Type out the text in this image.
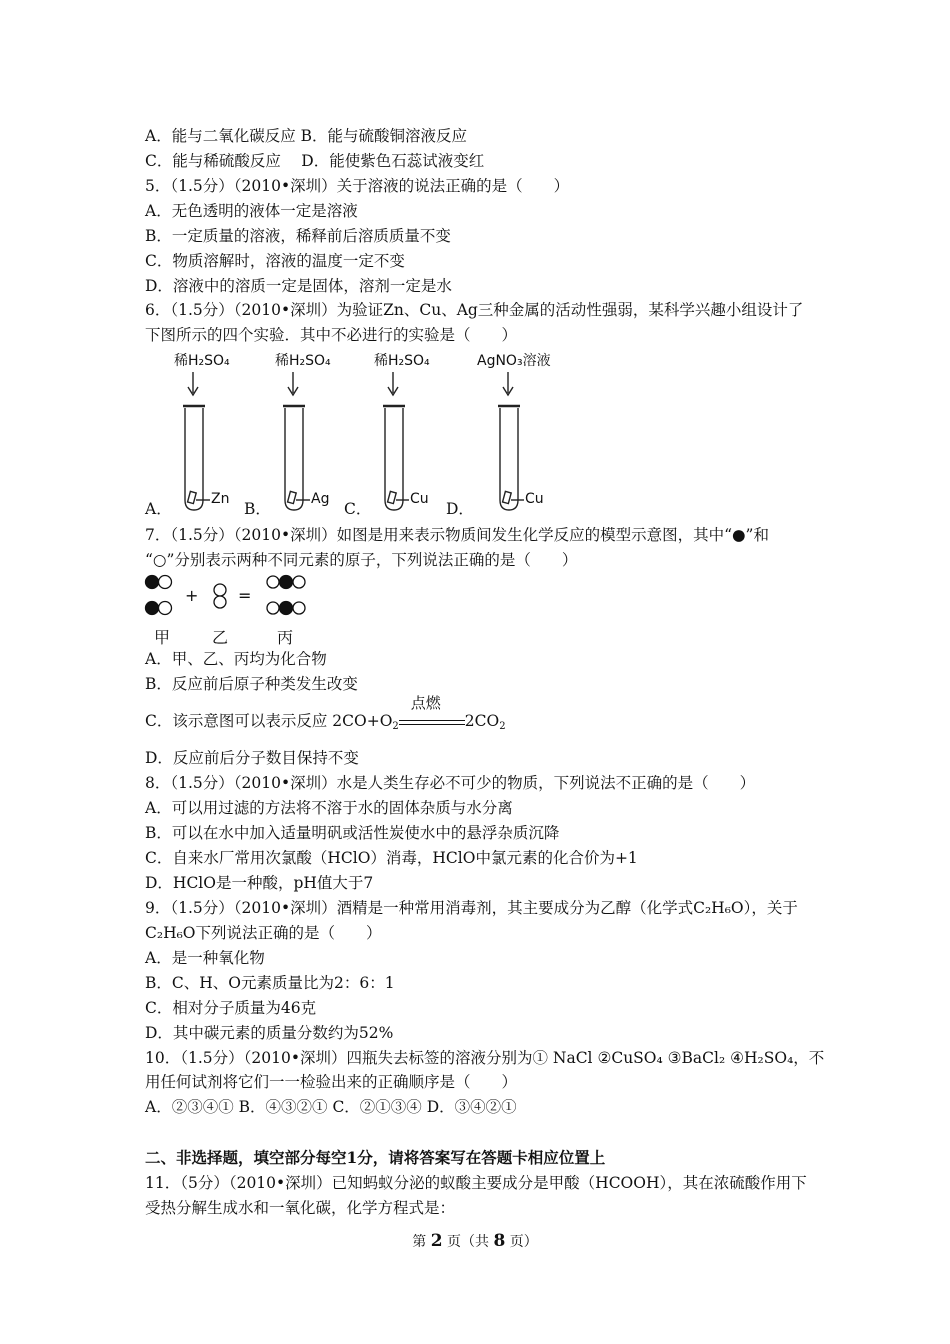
A．能与二氧化碳反应 B．能与硫酸铜溶液反应
C．能与稀硫酸反应　 D．能使紫色石蕊试液变红
5．（1.5分）（2010•深圳）关于溶液的说法正确的是（　　）
A．无色透明的液体一定是溶液
B．一定质量的溶液，稀释前后溶质质量不变
C．物质溶解时，溶液的温度一定不变
D．溶液中的溶质一定是固体，溶剂一定是水
6．（1.5分）（2010•深圳）为验证Zn、Cu、Ag三种金属的活动性强弱，某科学兴趣小组设计了
下图所示的四个实验．其中不必进行的实验是（　　）
稀H₂SO₄
Zn
A．
稀H₂SO₄
Ag
B．
稀H₂SO₄
Cu
C．
AgNO₃溶液
Cu
D．
7．（1.5分）（2010•深圳）如图是用来表示物质间发生化学反应的模型示意图，其中“●”和
“○”分别表示两种不同元素的原子，下列说法正确的是（　　）
+ =
甲	乙	丙
A．甲、乙、丙均为化合物
B．反应前后原子种类发生改变
C．该示意图可以表示反应 $2CO+O_2$
点燃
$2CO_2$
D．反应前后分子数目保持不变
8．（1.5分）（2010•深圳）水是人类生存必不可少的物质，下列说法不正确的是（　　）
A．可以用过滤的方法将不溶于水的固体杂质与水分离
B．可以在水中加入适量明矾或活性炭使水中的悬浮杂质沉降
C．自来水厂常用次氯酸（HClO）消毒，HClO中氯元素的化合价为+1
D．HClO是一种酸，pH值大于7
9．（1.5分）（2010•深圳）酒精是一种常用消毒剂，其主要成分为乙醇（化学式C₂H₆O），关于
C₂H₆O下列说法正确的是（　　）
A．是一种氧化物
B．C、H、O元素质量比为2：6：1
C．相对分子质量为46克
D．其中碳元素的质量分数约为52%
10．（1.5分）（2010•深圳）四瓶失去标签的溶液分别为① NaCl ②CuSO₄ ③BaCl₂ ④H₂SO₄，不
用任何试剂将它们一一检验出来的正确顺序是（　　）
A．②③④① B．④③②① C．②①③④ D．③④②①
二、非选择题，填空部分每空1分，请将答案写在答题卡相应位置上
11．（5分）（2010•深圳）已知蚂蚁分泌的蚁酸主要成分是甲酸（HCOOH），其在浓硫酸作用下
受热分解生成水和一氧化碳，化学方程式是：
第 2 页（共 8 页）
